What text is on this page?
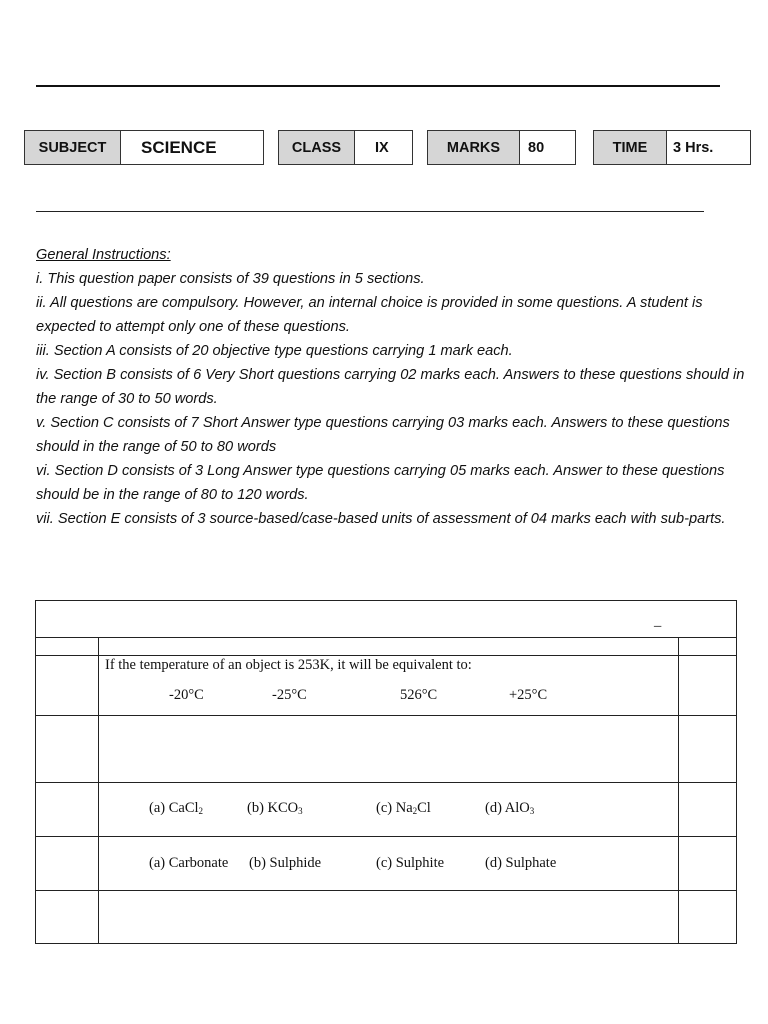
SUBJECT	SCIENCE	CLASS	IX	MARKS	80	TIME	3 Hrs.

General Instructions:

i. This question paper consists of 39 questions in 5 sections.

ii. All questions are compulsory. However, an internal choice is provided in some questions. A student is expected to attempt only one of these questions.

iii. Section A consists of 20 objective type questions carrying 1 mark each.

iv. Section B consists of 6 Very Short questions carrying 02 marks each. Answers to these questions should in the range of 30 to 50 words.

v. Section C consists of 7 Short Answer type questions carrying 03 marks each. Answers to these questions should in the range of 50 to 80 words

vi. Section D consists of 3 Long Answer type questions carrying 05 marks each. Answer to these questions should be in the range of 80 to 120 words.

vii. Section E consists of 3 source-based/case-based units of assessment of 04 marks each with sub-parts.

_
If the temperature of an object is 253K, it will be equivalent to:
-20°C	-25°C	526°C	+25°C
(a) CaCl$_2$	(b) $KCO_3$	(c) $Na_2Cl$	(d) AlO$_3$
(a) Carbonate (b) Sulphide	(c) Sulphite	(d) Sulphate
